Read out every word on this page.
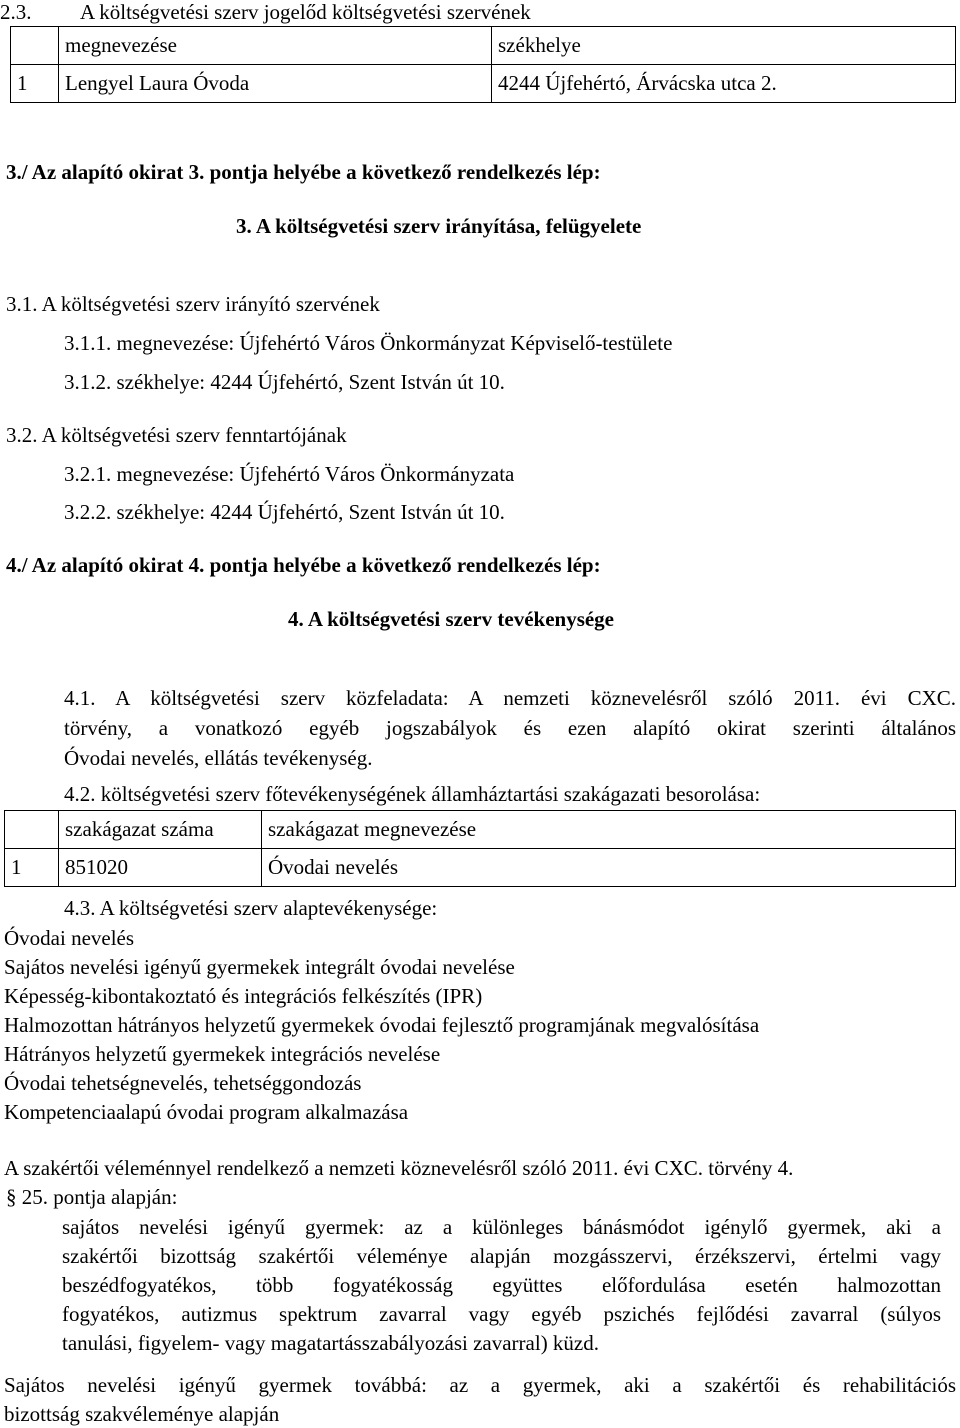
2.3. A költségvetési szerv jogelőd költségvetési szervének
	megnevezése	székhelye
1	Lengyel Laura Óvoda	4244 Újfehértó, Árvácska utca 2.
3./ Az alapító okirat 3. pontja helyébe a következő rendelkezés lép:
3. A költségvetési szerv irányítása, felügyelete
3.1. A költségvetési szerv irányító szervének
3.1.1. megnevezése: Újfehértó Város Önkormányzat Képviselő-testülete
3.1.2. székhelye: 4244 Újfehértó, Szent István út 10.
3.2. A költségvetési szerv fenntartójának
3.2.1. megnevezése: Újfehértó Város Önkormányzata
3.2.2. székhelye: 4244 Újfehértó, Szent István út 10.
4./ Az alapító okirat 4. pontja helyébe a következő rendelkezés lép:
4. A költségvetési szerv tevékenysége
4.1. A költségvetési szerv közfeladata: A nemzeti köznevelésről szóló 2011. évi CXC.
törvény, a vonatkozó egyéb jogszabályok és ezen alapító okirat szerinti általános
Óvodai nevelés, ellátás tevékenység.
4.2. költségvetési szerv főtevékenységének államháztartási szakágazati besorolása:
	szakágazat száma	szakágazat megnevezése
1	851020	Óvodai nevelés
4.3. A költségvetési szerv alaptevékenysége:
Óvodai nevelés
Sajátos nevelési igényű gyermekek integrált óvodai nevelése
Képesség-kibontakoztató és integrációs felkészítés (IPR)
Halmozottan hátrányos helyzetű gyermekek óvodai fejlesztő programjának megvalósítása
Hátrányos helyzetű gyermekek integrációs nevelése
Óvodai tehetségnevelés, tehetséggondozás
Kompetenciaalapú óvodai program alkalmazása
A szakértői véleménnyel rendelkező a nemzeti köznevelésről szóló 2011. évi CXC. törvény 4.
§ 25. pontja alapján:
sajátos nevelési igényű gyermek: az a különleges bánásmódot igénylő gyermek, aki a
szakértői bizottság szakértői véleménye alapján mozgásszervi, érzékszervi, értelmi vagy
beszédfogyatékos, több fogyatékosság együttes előfordulása esetén halmozottan
fogyatékos, autizmus spektrum zavarral vagy egyéb pszichés fejlődési zavarral (súlyos
tanulási, figyelem- vagy magatartásszabályozási zavarral) küzd.
Sajátos nevelési igényű gyermek továbbá: az a gyermek, aki a szakértői és rehabilitációs
bizottság szakvéleménye alapján
